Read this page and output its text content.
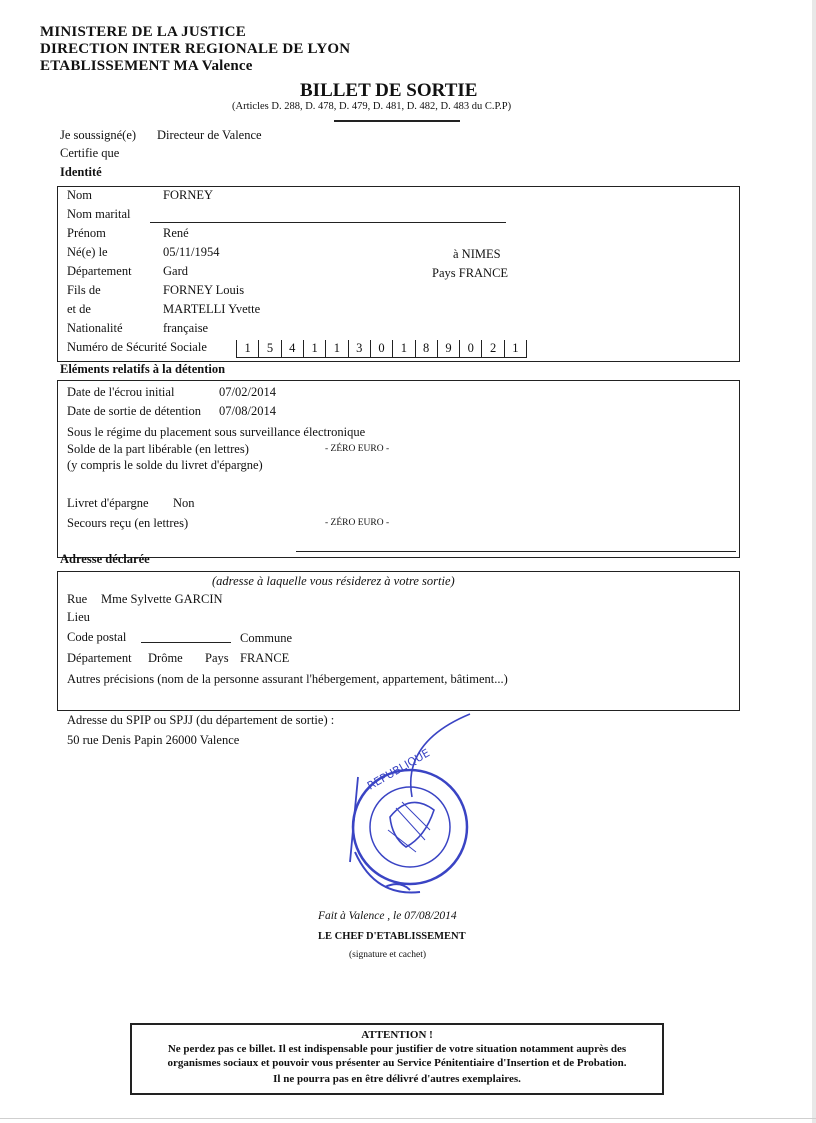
MINISTERE DE LA JUSTICE
DIRECTION INTER REGIONALE DE LYON
ETABLISSEMENT MA Valence
BILLET DE SORTIE
(Articles D. 288, D. 478, D. 479, D. 481, D. 482, D. 483 du C.P.P)
Je soussigné(e) Directeur de Valence
Certifie que
Identité
Nom	FORNEY
Nom marital
Prénom	René
Né(e) le	05/11/1954	à NIMES
Département	Gard	Pays FRANCE
Fils de	FORNEY Louis
et de	MARTELLI Yvette
Nationalité	française
Numéro de Sécurité Sociale	1	5	4	1	1	3	0	1	8	9	0	2	1
Eléments relatifs à la détention
Date de l'écrou initial	07/02/2014
Date de sortie de détention 07/08/2014
Sous le régime du placement sous surveillance électronique
Solde de la part libérable (en lettres)	- ZÉRO EURO -
(y compris le solde du livret d'épargne)
Livret d'épargne Non
Secours reçu (en lettres)	- ZÉRO EURO -
Adresse déclarée
(adresse à laquelle vous résiderez à votre sortie)
Rue Mme Sylvette GARCIN
Lieu
Code postal	Commune
Département Drôme Pays FRANCE
Autres précisions (nom de la personne assurant l'hébergement, appartement, bâtiment...)
Adresse du SPIP ou SPJJ (du département de sortie) :
50 rue Denis Papin 26000 Valence
REPUBLIQUE
Fait à Valence , le 07/08/2014
LE CHEF D'ETABLISSEMENT
(signature et cachet)
ATTENTION !
Ne perdez pas ce billet. Il est indispensable pour justifier de votre situation notamment auprès des
organismes sociaux et pouvoir vous présenter au Service Pénitentiaire d'Insertion et de Probation.
Il ne pourra pas en être délivré d'autres exemplaires.
